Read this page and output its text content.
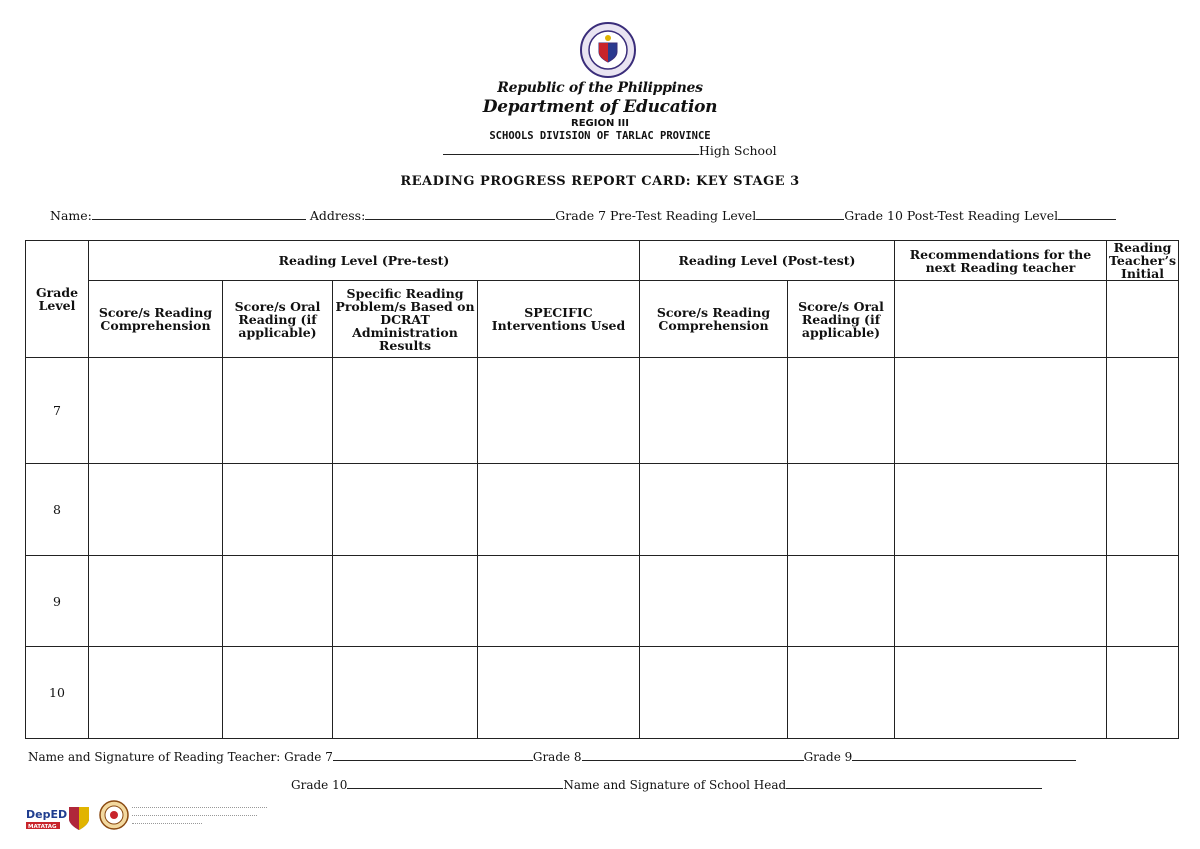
Republic of the Philippines
Department of Education
REGION III
SCHOOLS DIVISION OF TARLAC PROVINCE
High School
READING PROGRESS REPORT CARD: KEY STAGE 3
Name:	Address:	Grade 7 Pre-Test Reading Level	Grade 10 Post-Test Reading Level
Grade Level	Reading Level (Pre-test)				Reading Level (Post-test)		Recommendations for the next Reading teacher	Reading Teacher’s Initial
	Score/s Reading Comprehension	Score/s Oral Reading (if applicable)	Specific Reading Problem/s Based on DCRAT Administration Results	SPECIFIC Interventions Used	Score/s Reading Comprehension	Score/s Oral Reading (if applicable)		
7								
8								
9								
10								
Name and Signature of Reading Teacher: Grade 7	Grade 8	Grade 9
Grade 10	Name and Signature of School Head
DepED
MATATAG
